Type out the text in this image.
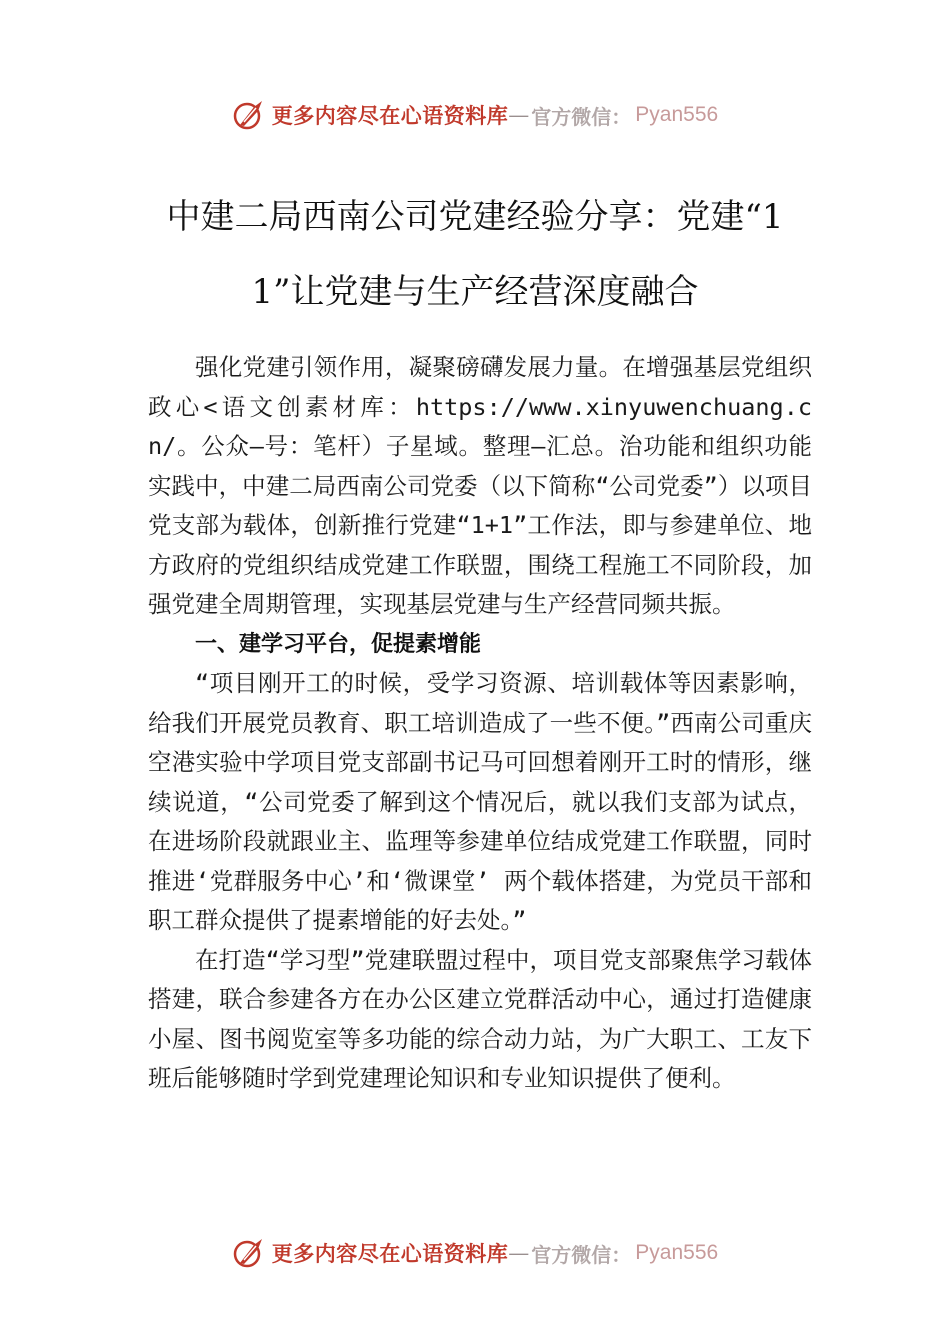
更多内容尽在心语资料库 — 官方微信： Pyan556
中建二局西南公司党建经验分享：党建“1
1”让党建与生产经营深度融合

强化党建引领作用，凝聚磅礴发展力量。在增强基层党组织政心<语文创素材库：https://www.xinyuwenchuang.cn/。公众—号：笔杆）子星域。整理—汇总。治功能和组织功能实践中，中建二局西南公司党委（以下简称“公司党委”）以项目党支部为载体，创新推行党建“1+1”工作法，即与参建单位、地方政府的党组织结成党建工作联盟，围绕工程施工不同阶段，加强党建全周期管理，实现基层党建与生产经营同频共振。

一、建学习平台，促提素增能

“项目刚开工的时候，受学习资源、培训载体等因素影响，给我们开展党员教育、职工培训造成了一些不便。”西南公司重庆空港实验中学项目党支部副书记马可回想着刚开工时的情形，继续说道，“公司党委了解到这个情况后，就以我们支部为试点，在进场阶段就跟业主、监理等参建单位结成党建工作联盟，同时推进‘党群服务中心’和‘微课堂’ 两个载体搭建，为党员干部和职工群众提供了提素增能的好去处。”

在打造“学习型”党建联盟过程中，项目党支部聚焦学习载体搭建，联合参建各方在办公区建立党群活动中心，通过打造健康小屋、图书阅览室等多功能的综合动力站，为广大职工、工友下班后能够随时学到党建理论知识和专业知识提供了便利。

更多内容尽在心语资料库 — 官方微信： Pyan556
